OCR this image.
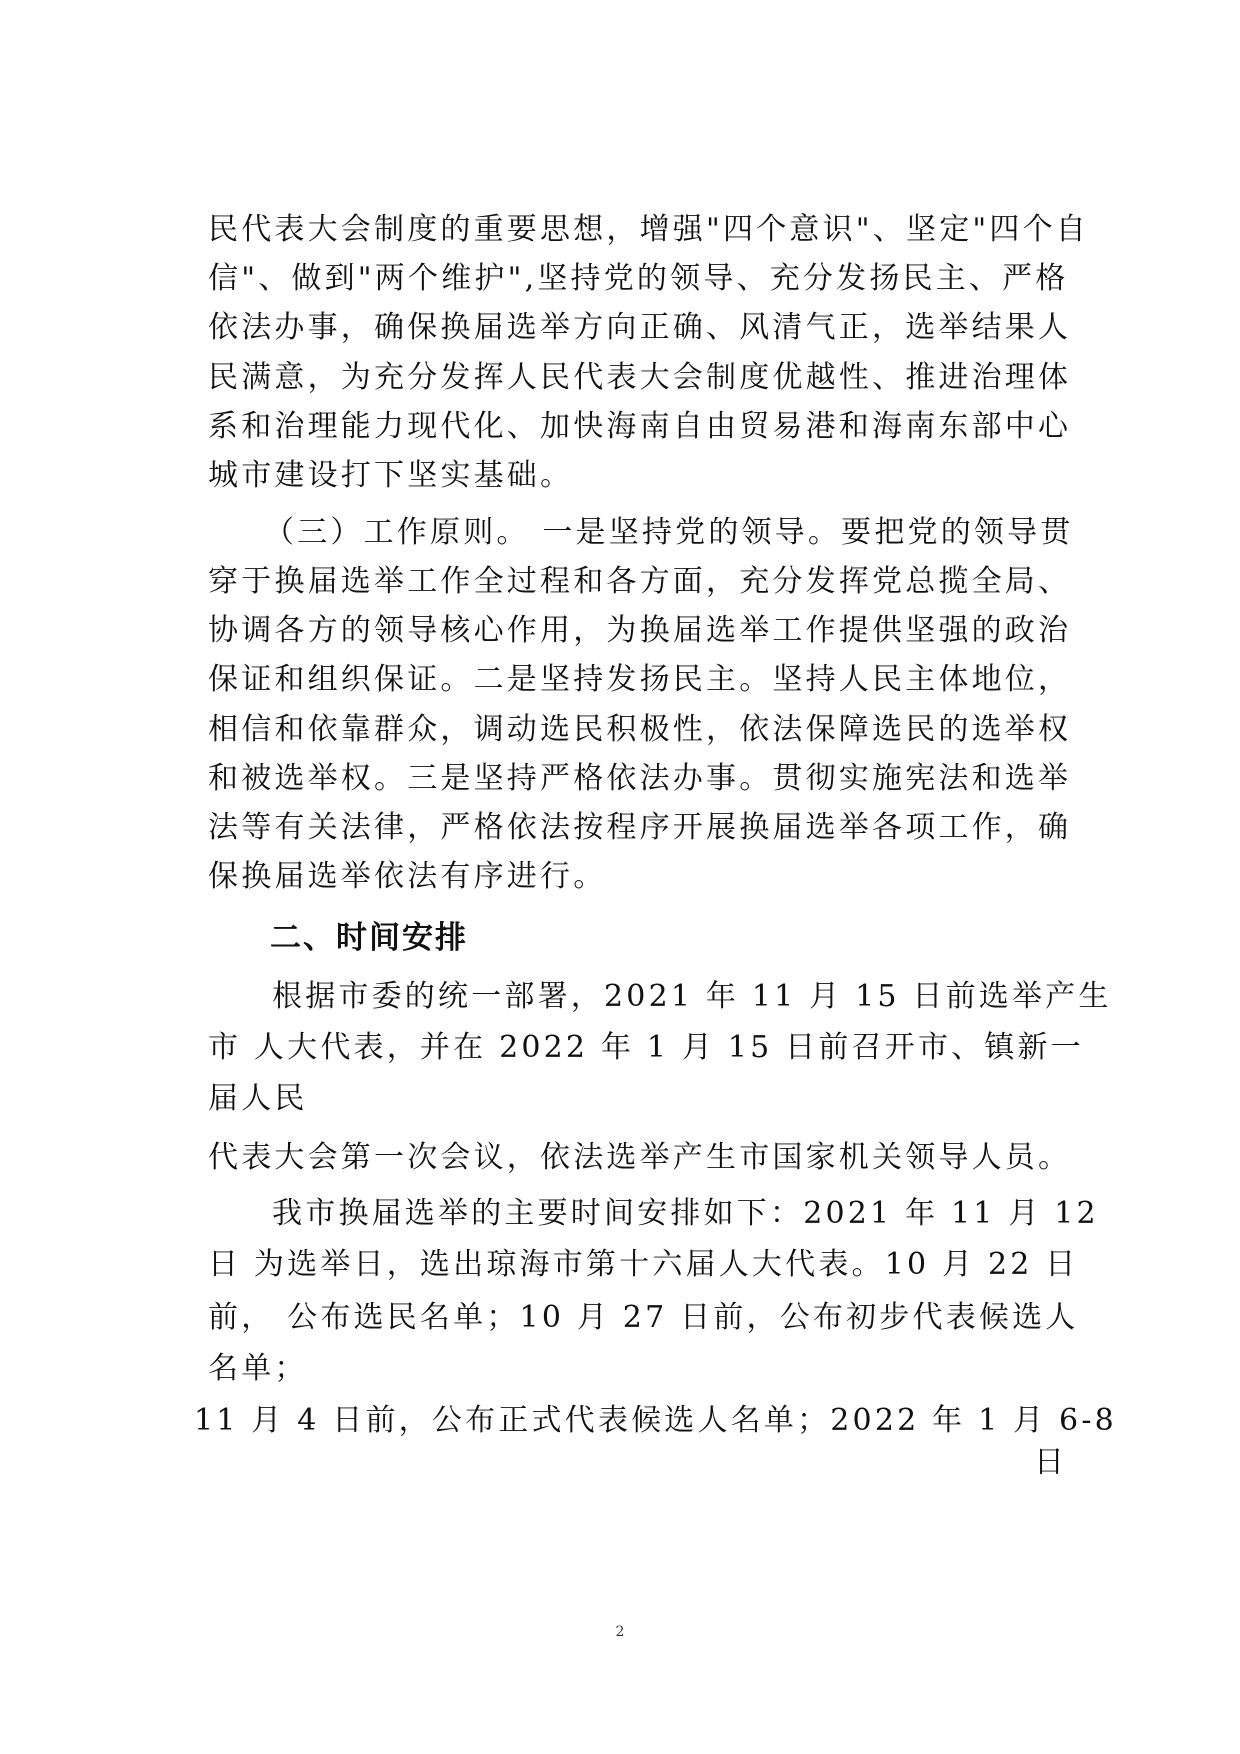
民代表大会制度的重要思想，增强"四个意识"、坚定"四个自
信"、做到"两个维护",坚持党的领导、充分发扬民主、严格
依法办事，确保换届选举方向正确、风清气正，选举结果人
民满意，为充分发挥人民代表大会制度优越性、推进治理体
系和治理能力现代化、加快海南自由贸易港和海南东部中心
城市建设打下坚实基础。
（三）工作原则。 一是坚持党的领导。要把党的领导贯
穿于换届选举工作全过程和各方面，充分发挥党总揽全局、
协调各方的领导核心作用，为换届选举工作提供坚强的政治
保证和组织保证。二是坚持发扬民主。坚持人民主体地位，
相信和依靠群众，调动选民积极性，依法保障选民的选举权
和被选举权。三是坚持严格依法办事。贯彻实施宪法和选举
法等有关法律，严格依法按程序开展换届选举各项工作，确
保换届选举依法有序进行。
二、时间安排
根据市委的统一部署，2021 年 11 月 15 日前选举产生
市 人大代表，并在 2022 年 1 月 15 日前召开市、镇新一
届人民
代表大会第一次会议，依法选举产生市国家机关领导人员。
我市换届选举的主要时间安排如下：2021 年 11 月 12
日 为选举日，选出琼海市第十六届人大代表。10 月 22 日
前， 公布选民名单；10 月 27 日前，公布初步代表候选人
名单；
11 月 4 日前，公布正式代表候选人名单；2022 年 1 月 6-8
日
2
